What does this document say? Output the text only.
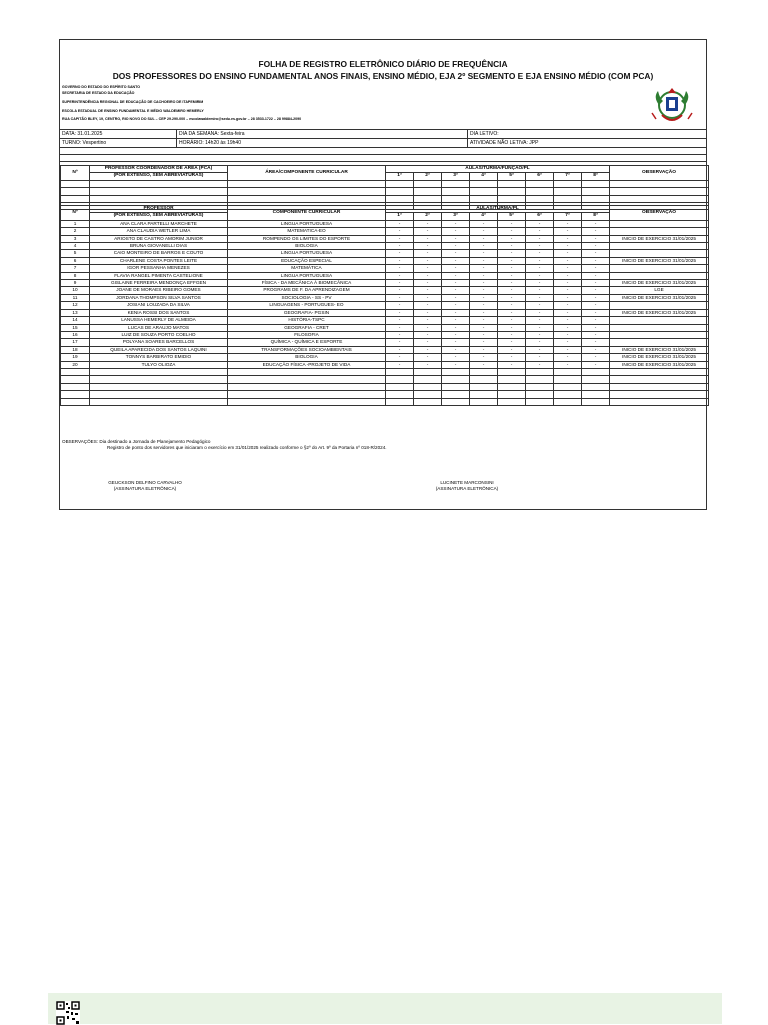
FOLHA DE REGISTRO ELETRÔNICO DIÁRIO DE FREQUÊNCIA
DOS PROFESSORES DO ENSINO FUNDAMENTAL ANOS FINAIS, ENSINO MÉDIO, EJA 2º SEGMENTO E EJA ENSINO MÉDIO (COM PCA)
GOVERNO DO ESTADO DO ESPÍRITO SANTO
SECRETARIA DE ESTADO DA EDUCAÇÃO
SUPERINTENDÊNCIA REGIONAL DE EDUCAÇÃO DE CACHOEIRO DE ITAPEMIRIM
ESCOLA ESTADUAL DE ENSINO FUNDAMENTAL E MÉDIO WALDEMIRO HEMERLY
RUA CAPITÃO BLEY, 19, CENTRO, RIO NOVO DO SUL – CEP 29.290-000 – escolawaldemiro@sedu.es.gov.br – 28 3533-1722 – 28 99884-2090
DATA: 31.01.2025	DIA DA SEMANA: Sexta-feira	DIA LETIVO:
TURNO: Vespertino	HORÁRIO: 14h20 às 19h40	ATIVIDADE NÃO LETIVA: JPP
Nº	PROFESSOR COORDENADOR DE ÁREA (PCA)	ÁREA/COMPONENTE CURRICULAR	AULAS/TURMA/FUNÇÃO/PL								OBSERVAÇÃO
	(POR EXTENSO, SEM ABREVIATURAS)		1ª	2ª	3ª	4ª	5ª	6ª	7ª	8ª	

Nº	PROFESSOR	COMPONENTE CURRICULAR	AULAS/TURMA/PL								OBSERVAÇÃO
	(POR EXTENSO, SEM ABREVIATURAS)		1ª	2ª	3ª	4ª	5ª	6ª	7ª	8ª	
1	ANA CLARA PARTELLI MARCHETE	LINGUA PORTUGUESA	-	-	-	-	-	-	-	-	
2	ANA CLAUDIA WETLER LIMA	MATEMATICA-EO	-	-	-	-	-	-	-	-	
3	ARIOSTO DE CASTRO AMORIM JUNIOR	ROMPENDO OS LIMITES DO ESPORTE	-	-	-	-	-	-	-	-	INICIO DE EXERCICIO 31/01/2025
4	BRUNA GIOVANELLI DIAS	BIOLOGIA	-	-	-	-	-	-	-	-	
5	CAIO MONTEIRO DE BARROS E COUTO	LINGUA PORTUGUESA	-	-	-	-	-	-	-	-	
6	CHARLENE COSTA PONTES LEITE	EDUCAÇÃO ESPECIAL	-	-	-	-	-	-	-	-	INICIO DE EXERCICIO 31/01/2025
7	IGOR PESSANHA MENEZES	MATEMÁTICA	-	-	-	-	-	-	-	-	
8	FLAVIA RANGEL PIMENTA CASTELIONE	LINGUA PORTUGUESA	-	-	-	-	-	-	-	-	
9	GISLAINE FERREIRA MENDONÇA EFFGEN	FÍSICA - DA MECÂNICA À BIOMECÂNICA	-	-	-	-	-	-	-	-	INICIO DE EXERCICIO 31/01/2025
10	JOANE DE MORAES RIBEIRO GOMES	PROGRAMS DE F. DA APRENDIZAGEM	-	-	-	-	-	-	-	-	LGE
11	JORDANA THOMPSON SILVA SANTOS	SOCIOLOGIA - SS - PV	-	-	-	-	-	-	-	-	INICIO DE EXERCICIO 31/01/2025
12	JOSIANI LOUZADA DA SILVA	LINGUAGENS - PORTUGUES- EO	-	-	-	-	-	-	-	-	
13	KENIA ROSSI DOS SANTOS	GEOGRAFIA- PGSIN	-	-	-	-	-	-	-	-	INICIO DE EXERCICIO 31/01/2025
14	LANUSSA HEMERLY DE ALMEIDA	HISTÓRIA-TSPC	-	-	-	-	-	-	-	-	
15	LUCAS DE ARAUJO MATOS	GEOGRAFIA - CRET	-	-	-	-	-	-	-	-	
16	LUIZ DE SOUZA PORTO COELHO	FILOSOFIA	-	-	-	-	-	-	-	-	
17	POLYANA SOARES BARCELLOS	QUÍMICA - QUÍMICA E ESPORTE	-	-	-	-	-	-	-	-	
18	QUEILA APARECIDA DOS SANTOS LAQUINI	TRANSFORMAÇÕES SOCIOAMBIENTAIS	-	-	-	-	-	-	-	-	INICIO DE EXERCICIO 31/01/2025
19	TONNYS BARBIRATO EMIDIO	BIOLOGIA	-	-	-	-	-	-	-	-	INICIO DE EXERCICIO 31/01/2025
20	TULYO OLIOZA	EDUCAÇÃO FÍSICA -PROJETO DE VIDA	-	-	-	-	-	-	-	-	INICIO DE EXERCICIO 31/01/2025

OBSERVAÇÕES: Dia destinado a Jornada de Planejamento Pedagógico
Registro de ponto dos servidores que iniciaram o exercício em 31/01/2025 realizado conforme o §2º do Art. 9º da Portaria nº 018-R/2024.
GEUCKSON DELFINO CARVALHO
(ASSINATURA ELETRÔNICA)
LUCINETE MARCONSINI
(ASSINATURA ELETRÔNICA)
